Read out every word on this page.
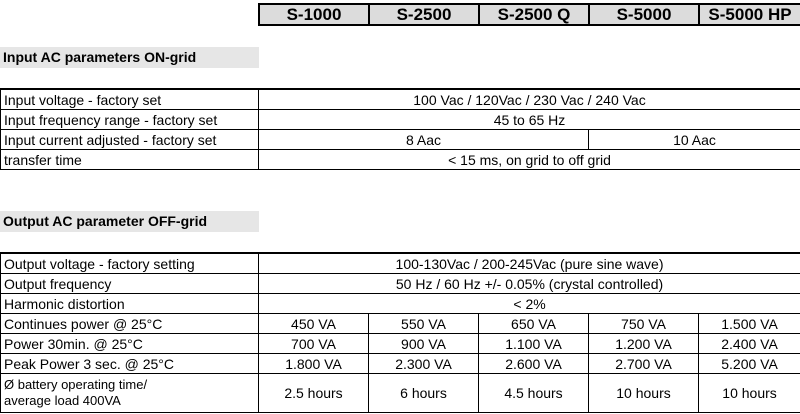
S-1000	S-2500	S-2500 Q	S-5000	S-5000 HP
Input AC parameters ON-grid
Input voltage - factory set	100 Vac / 120Vac / 230 Vac / 240 Vac	
Input frequency range - factory set	45 to 65 Hz	
Input current adjusted - factory set	8 Aac	10 Aac
transfer time	< 15 ms, on grid to off grid	
Output AC parameter OFF-grid
Output voltage - factory setting	100-130Vac / 200-245Vac (pure sine wave)				
Output frequency	50 Hz / 60 Hz +/- 0.05% (crystal controlled)				
Harmonic distortion	< 2%				
Continues power @ 25°C	450 VA	550 VA	650 VA	750 VA	1.500 VA
Power 30min. @ 25°C	700 VA	900 VA	1.100 VA	1.200 VA	2.400 VA
Peak Power 3 sec. @ 25°C	1.800 VA	2.300 VA	2.600 VA	2.700 VA	5.200 VA

Ø battery operating time/
average load 400VA	2.5 hours	6 hours	4.5 hours	10 hours	10 hours
